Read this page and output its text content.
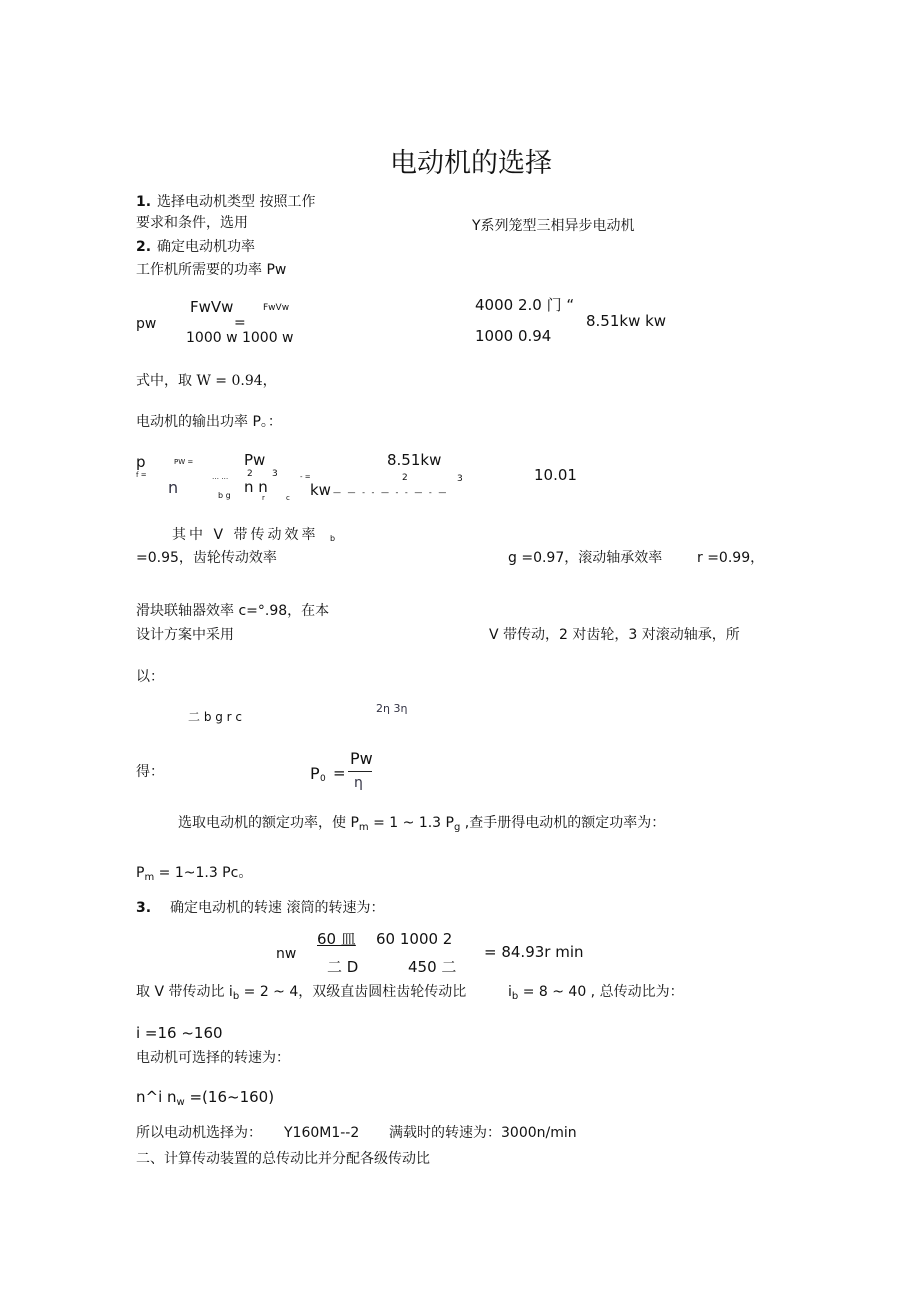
电动机的选择
1. 选择电动机类型 按照工作
要求和条件，选用	Y系列笼型三相异步电动机
2. 确定电动机功率
工作机所需要的功率 Pw
pw
FwVw
=
FwVw
1000 w 1000 w
4000 2.0 门 “
1000 0.94
8.51kw kw
式中，取 W = 0.94，
电动机的输出功率 P。：
p
f =
PW =
n
… … 2 3
b g
Pw
n n
r	c
- =
8.51kw
kw
2	3
— — - - — - - — - —
10.01
其中 V 带传动效率 b
=0.95，齿轮传动效率	g =0.97，滚动轴承效率 r =0.99，
滑块联轴器效率 c=°.98，在本
设计方案中采用	V 带传动，2 对齿轮，3 对滚动轴承，所
以：
二 b g r c
2η 3η
得：	P 0 =
Pw
η
选取电动机的额定功率，使 $P_m = 1$ ~ 1.3 $P_g$ ,查手册得电动机的额定功率为：
$P_m$ = 1~1.3 Pc。
3. 确定电动机的转速 滚筒的转速为：
nw
60 皿 60 1000 2
二 D	450 二
= 84.93r min
取 V 带传动比 $i_b = 2$ ~ 4，双级直齿圆柱齿轮传动比	$i_b = 8$ ~ 40 , 总传动比为：
i =16 ~160
电动机可选择的转速为：
n^i $n_w$ =(16~160)
所以电动机选择为： Y160M1--2 满载时的转速为：3000n/min
二、计算传动装置的总传动比并分配各级传动比
